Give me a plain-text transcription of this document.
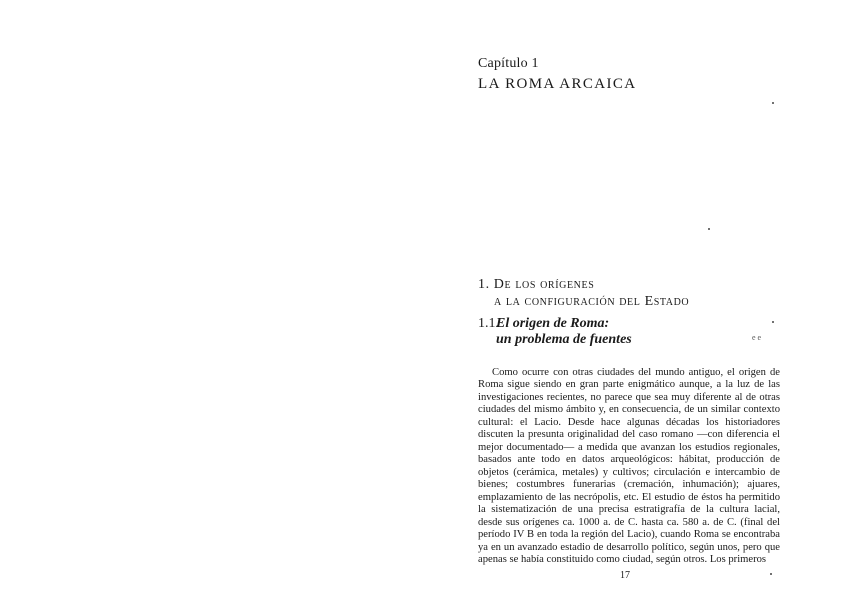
Capítulo 1
LA ROMA ARCAICA
1. De los orígenes
a la configuración del Estado
1.1.El origen de Roma:
un problema de fuentes	e e

Como ocurre con otras ciudades del mundo antiguo, el origen de Roma sigue siendo en gran parte enigmático aunque, a la luz de las investigaciones recientes, no parece que sea muy diferente al de otras ciudades del mismo ámbito y, en consecuencia, de un similar contexto cultural: el Lacio. Desde hace algunas décadas los historiadores discuten la presunta originalidad del caso romano —con diferencia el mejor documentado— a medida que avanzan los estudios regionales, basados ante todo en datos arqueológicos: hábitat, producción de objetos (cerámica, metales) y cultivos; circulación e intercambio de bienes; costumbres funerarias (cremación, inhumación); ajuares, emplazamiento de las necrópolis, etc. El estudio de éstos ha permitido la sistematización de una precisa estratigrafía de la cultura lacial, desde sus orígenes ca. 1000 a. de C. hasta ca. 580 a. de C. (final del período IV B en toda la región del Lacio), cuando Roma se encontraba ya en un avanzado estadio de desarrollo político, según unos, pero que apenas se había constituido como ciudad, según otros. Los primeros

17
